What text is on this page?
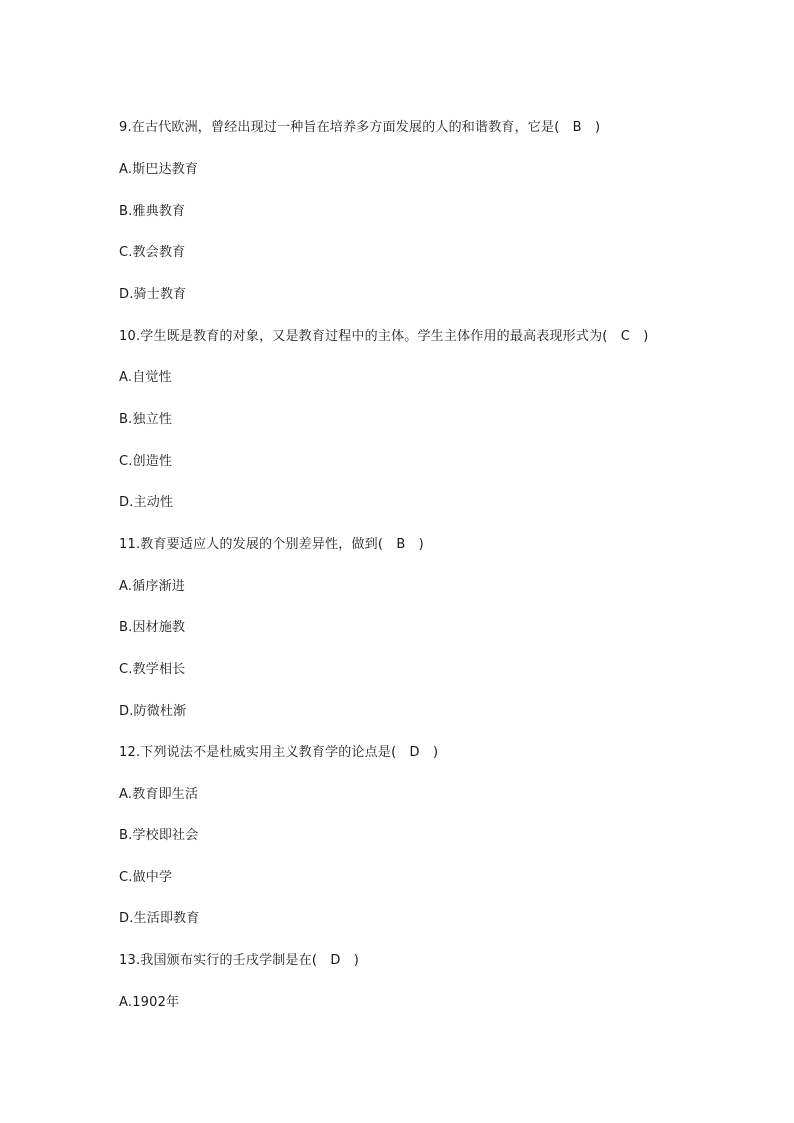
9.在古代欧洲，曾经出现过一种旨在培养多方面发展的人的和谐教育，它是(　B　)
A.斯巴达教育
B.雅典教育
C.教会教育
D.骑士教育
10.学生既是教育的对象，又是教育过程中的主体。学生主体作用的最高表现形式为(　C　)
A.自觉性
B.独立性
C.创造性
D.主动性
11.教育要适应人的发展的个别差异性，做到(　B　)
A.循序渐进
B.因材施教
C.教学相长
D.防微杜渐
12.下列说法不是杜威实用主义教育学的论点是(　D　)
A.教育即生活
B.学校即社会
C.做中学
D.生活即教育
13.我国颁布实行的壬戌学制是在(　D　)
A.1902年
